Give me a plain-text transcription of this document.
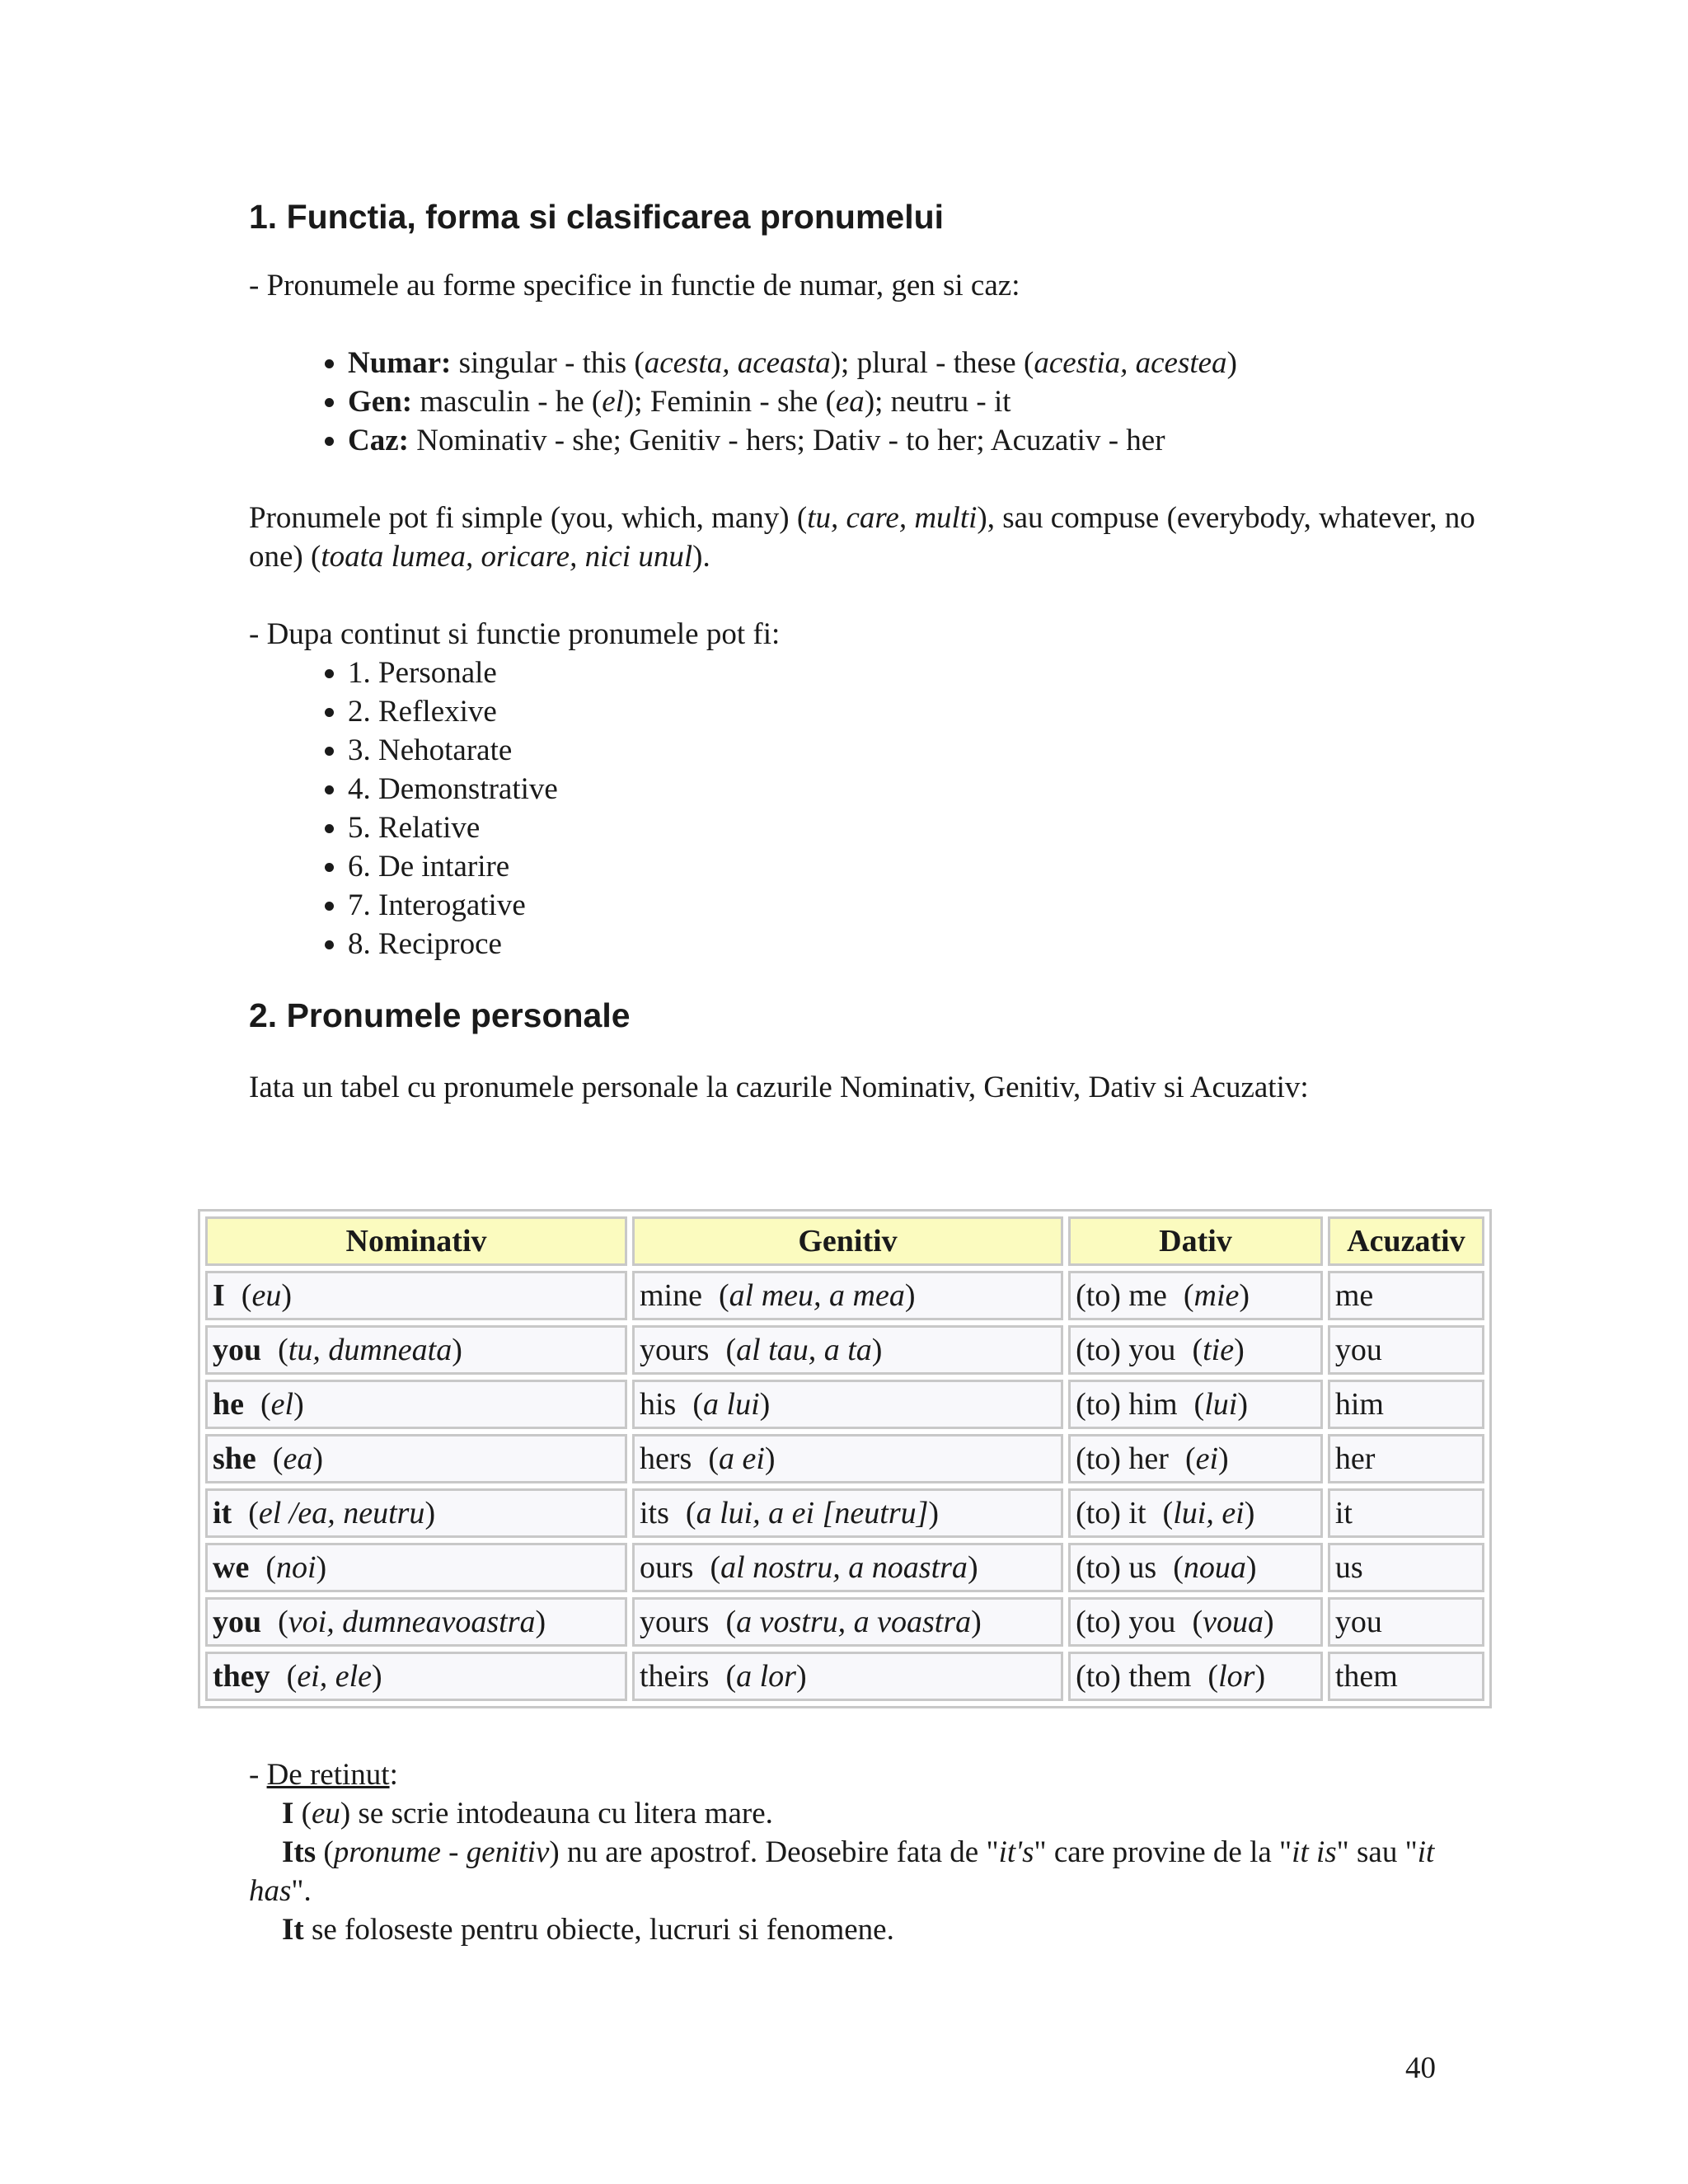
1. Functia, forma si clasificarea pronumelui

- Pronumele au forme specifice in functie de numar, gen si caz:

• Numar: singular - this (acesta, aceasta); plural - these (acestia, acestea)
• Gen: masculin - he (el); Feminin - she (ea); neutru - it
• Caz: Nominativ - she; Genitiv - hers; Dativ - to her; Acuzativ - her

Pronumele pot fi simple (you, which, many) (tu, care, multi), sau compuse (everybody, whatever, no one) (toata lumea, oricare, nici unul).

- Dupa continut si functie pronumele pot fi:

• 1. Personale
• 2. Reflexive
• 3. Nehotarate
• 4. Demonstrative
• 5. Relative
• 6. De intarire
• 7. Interogative
• 8. Reciproce
2. Pronumele personale

Iata un tabel cu pronumele personale la cazurile Nominativ, Genitiv, Dativ si Acuzativ:

Nominativ	Genitiv	Dativ	Acuzativ
I (eu)	mine (al meu, a mea)	(to) me (mie)	me
you (tu, dumneata)	yours (al tau, a ta)	(to) you (tie)	you
he (el)	his (a lui)	(to) him (lui)	him
she (ea)	hers (a ei)	(to) her (ei)	her
it (el /ea, neutru)	its (a lui, a ei [neutru])	(to) it (lui, ei)	it
we (noi)	ours (al nostru, a noastra)	(to) us (noua)	us
you (voi, dumneavoastra)	yours (a vostru, a voastra)	(to) you (voua)	you
they (ei, ele)	theirs (a lor)	(to) them (lor)	them
- De retinut:
I (eu) se scrie intodeauna cu litera mare.
Its (pronume - genitiv) nu are apostrof. Deosebire fata de "it's" care provine de la "it is" sau "it has".
It se foloseste pentru obiecte, lucruri si fenomene.
40
